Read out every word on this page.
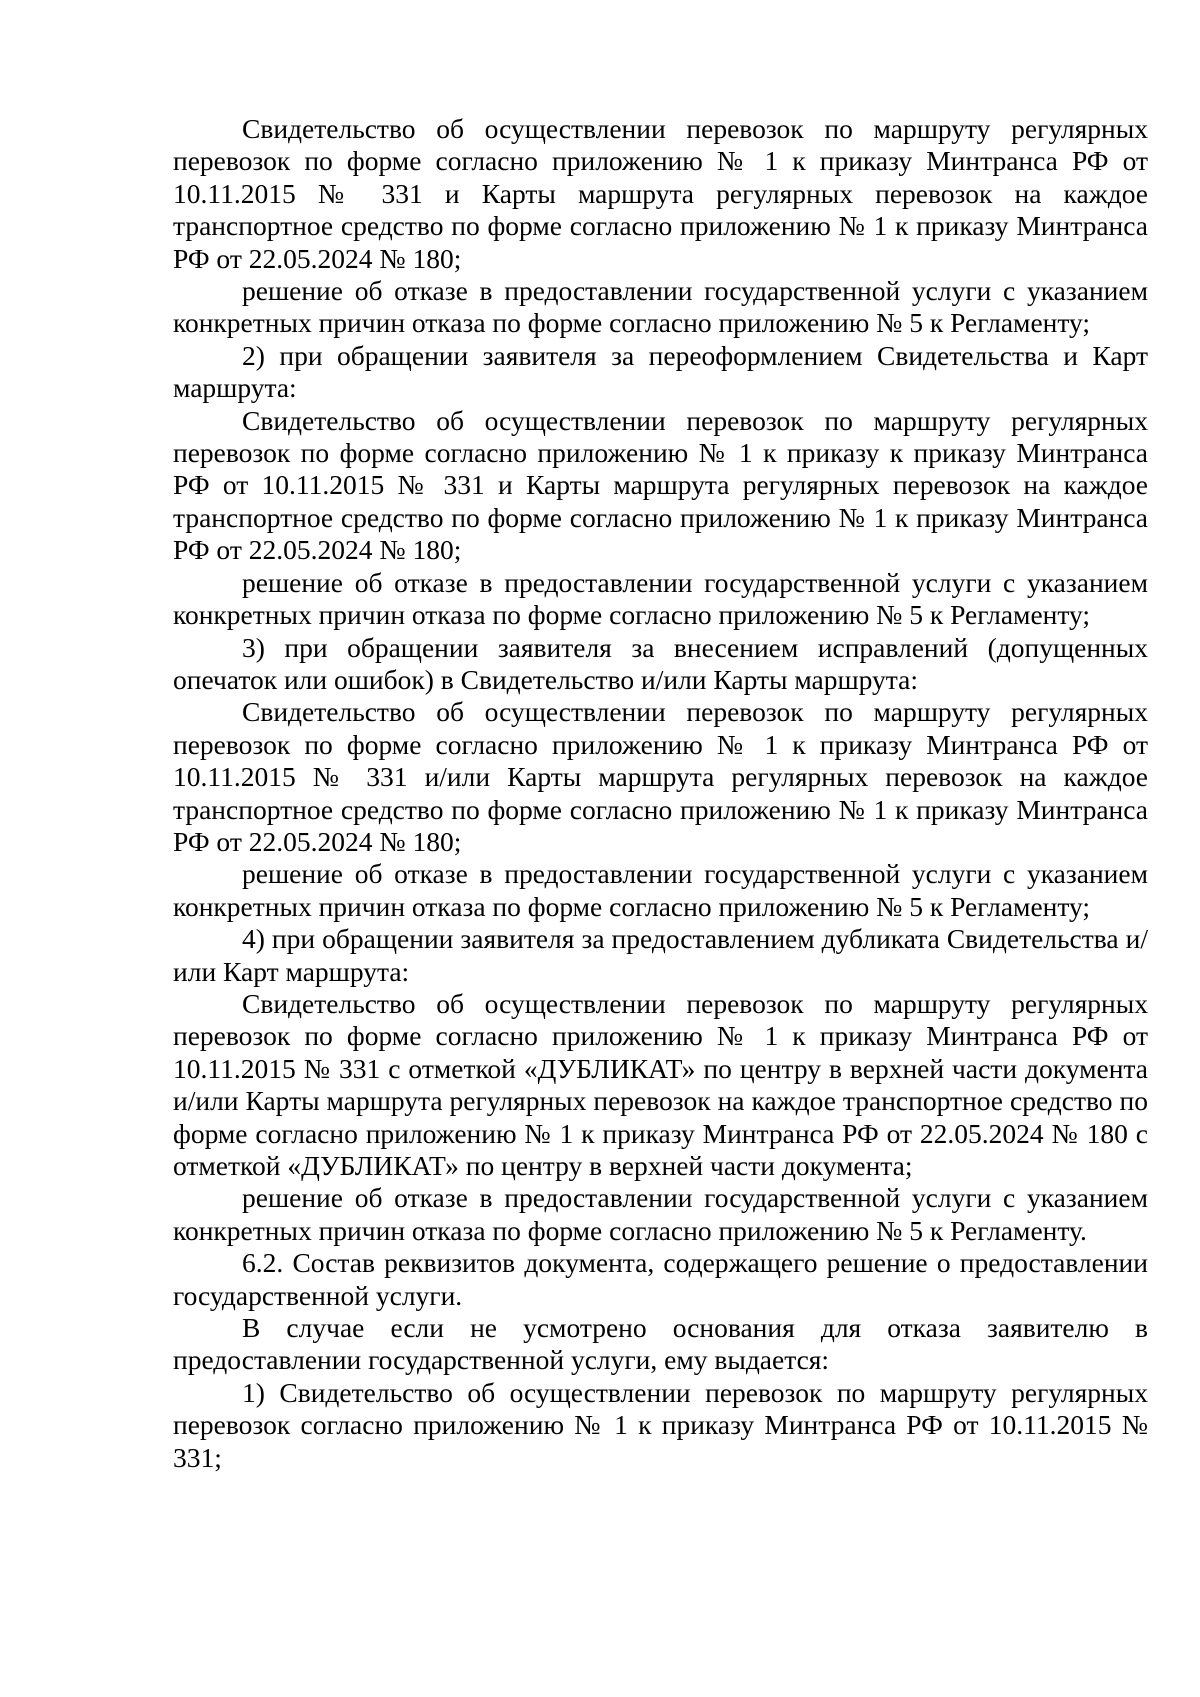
Свидетельство об осуществлении перевозок по маршруту регулярных перевозок по форме согласно приложению № 1 к приказу Минтранса РФ от 10.11.2015 № 331 и Карты маршрута регулярных перевозок на каждое транспортное средство по форме согласно приложению № 1 к приказу Минтранса РФ от 22.05.2024 № 180;

решение об отказе в предоставлении государственной услуги с указанием конкретных причин отказа по форме согласно приложению № 5 к Регламенту;

2) при обращении заявителя за переоформлением Свидетельства и Карт маршрута:

Свидетельство об осуществлении перевозок по маршруту регулярных перевозок по форме согласно приложению № 1 к приказу к приказу Минтранса РФ от 10.11.2015 № 331 и Карты маршрута регулярных перевозок на каждое транспортное средство по форме согласно приложению № 1 к приказу Минтранса РФ от 22.05.2024 № 180;

решение об отказе в предоставлении государственной услуги с указанием конкретных причин отказа по форме согласно приложению № 5 к Регламенту;

3) при обращении заявителя за внесением исправлений (допущенных опечаток или ошибок) в Свидетельство и/или Карты маршрута:

Свидетельство об осуществлении перевозок по маршруту регулярных перевозок по форме согласно приложению № 1 к приказу Минтранса РФ от 10.11.2015 № 331 и/или Карты маршрута регулярных перевозок на каждое транспортное средство по форме согласно приложению № 1 к приказу Минтранса РФ от 22.05.2024 № 180;

решение об отказе в предоставлении государственной услуги с указанием конкретных причин отказа по форме согласно приложению № 5 к Регламенту;

4) при обращении заявителя за предоставлением дубликата Свидетельства и/или Карт маршрута:

Свидетельство об осуществлении перевозок по маршруту регулярных перевозок по форме согласно приложению № 1 к приказу Минтранса РФ от 10.11.2015 № 331 с отметкой «ДУБЛИКАТ» по центру в верхней части документа и/или Карты маршрута регулярных перевозок на каждое транспортное средство по форме согласно приложению № 1 к приказу Минтранса РФ от 22.05.2024 № 180 с отметкой «ДУБЛИКАТ» по центру в верхней части документа;

решение об отказе в предоставлении государственной услуги с указанием конкретных причин отказа по форме согласно приложению № 5 к Регламенту.

6.2. Состав реквизитов документа, содержащего решение о предоставлении государственной услуги.

В случае если не усмотрено основания для отказа заявителю в предоставлении государственной услуги, ему выдается:

1) Свидетельство об осуществлении перевозок по маршруту регулярных перевозок согласно приложению № 1 к приказу Минтранса РФ от 10.11.2015 № 331;
